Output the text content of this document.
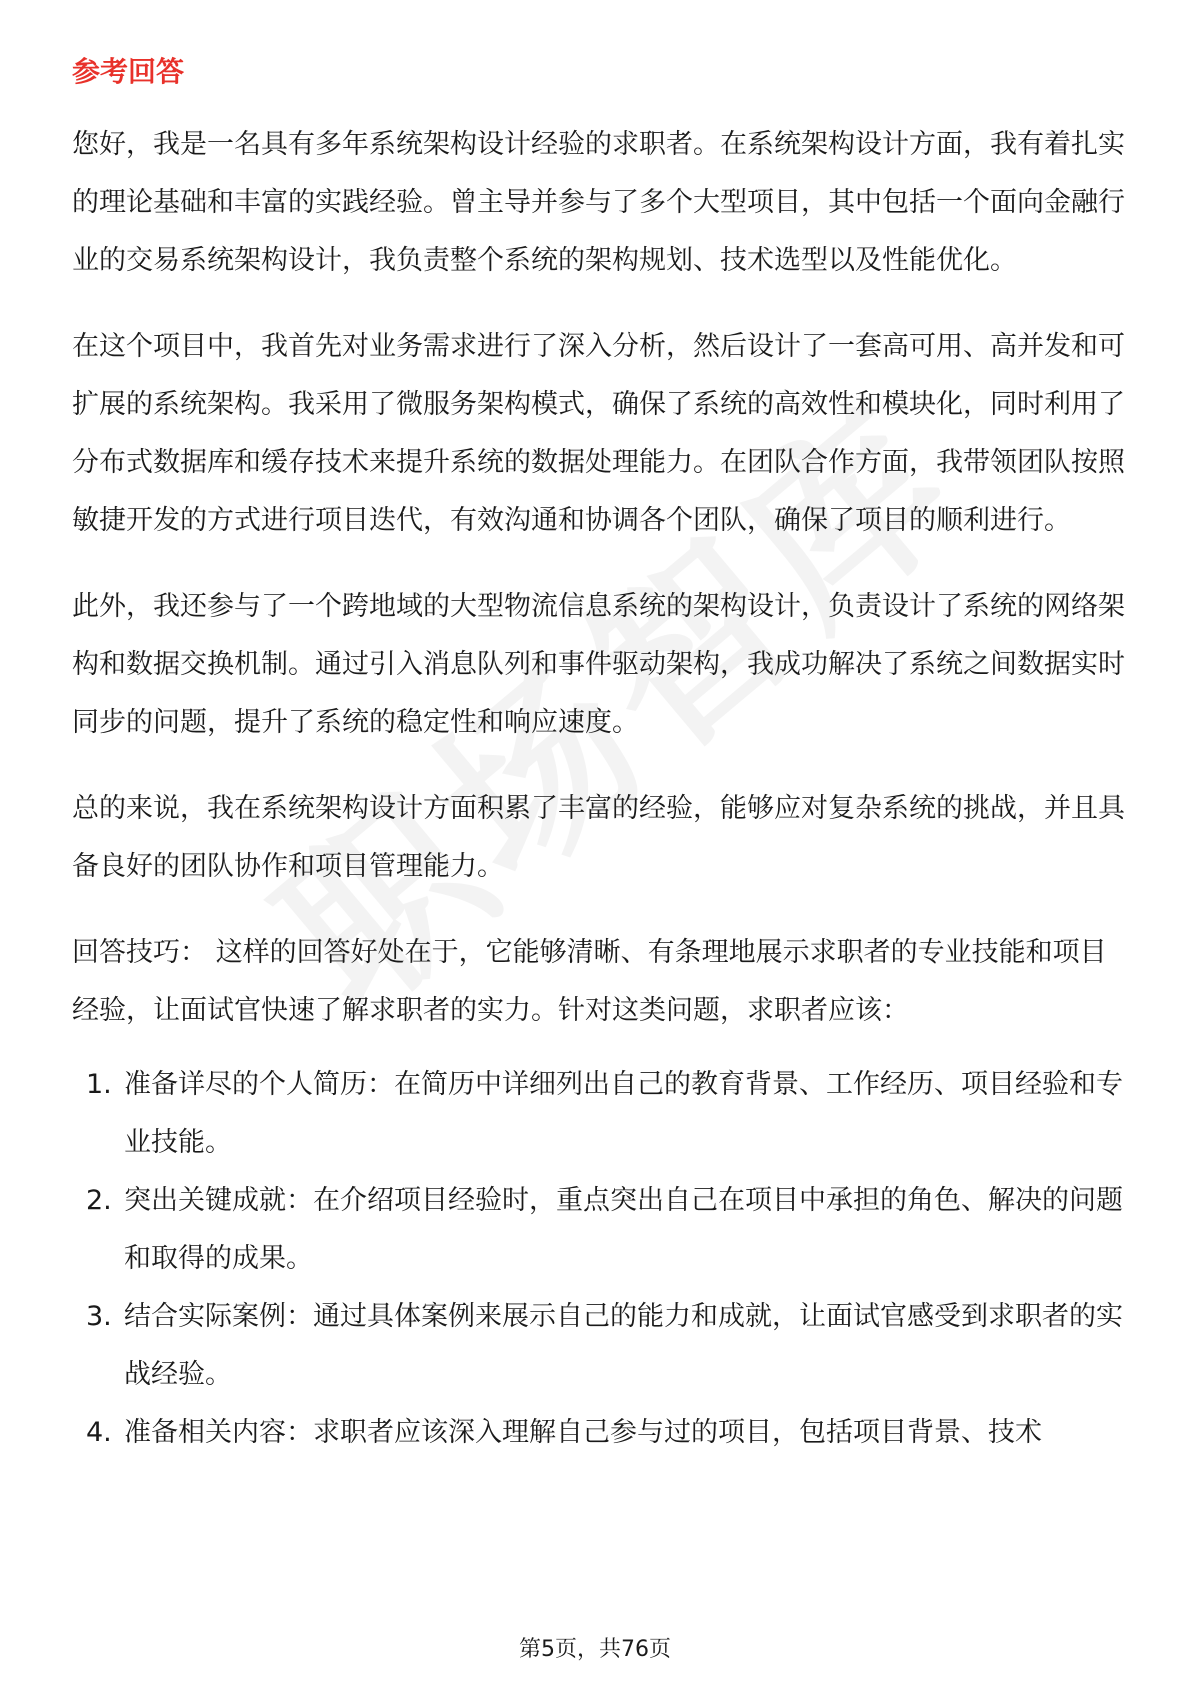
参考回答

您好，我是一名具有多年系统架构设计经验的求职者。在系统架构设计方面，我有着扎实的理论基础和丰富的实践经验。曾主导并参与了多个大型项目，其中包括一个面向金融行业的交易系统架构设计，我负责整个系统的架构规划、技术选型以及性能优化。

在这个项目中，我首先对业务需求进行了深入分析，然后设计了一套高可用、高并发和可扩展的系统架构。我采用了微服务架构模式，确保了系统的高效性和模块化，同时利用了分布式数据库和缓存技术来提升系统的数据处理能力。在团队合作方面，我带领团队按照敏捷开发的方式进行项目迭代，有效沟通和协调各个团队，确保了项目的顺利进行。

此外，我还参与了一个跨地域的大型物流信息系统的架构设计，负责设计了系统的网络架构和数据交换机制。通过引入消息队列和事件驱动架构，我成功解决了系统之间数据实时同步的问题，提升了系统的稳定性和响应速度。

总的来说，我在系统架构设计方面积累了丰富的经验，能够应对复杂系统的挑战，并且具备良好的团队协作和项目管理能力。

回答技巧： 这样的回答好处在于，它能够清晰、有条理地展示求职者的专业技能和项目经验，让面试官快速了解求职者的实力。针对这类问题，求职者应该：

1. 准备详尽的个人简历：在简历中详细列出自己的教育背景、工作经历、项目经验和专业技能。
2. 突出关键成就：在介绍项目经验时，重点突出自己在项目中承担的角色、解决的问题和取得的成果。
3. 结合实际案例：通过具体案例来展示自己的能力和成就，让面试官感受到求职者的实战经验。
4. 准备相关内容：求职者应该深入理解自己参与过的项目，包括项目背景、技术
第5页，共76页
